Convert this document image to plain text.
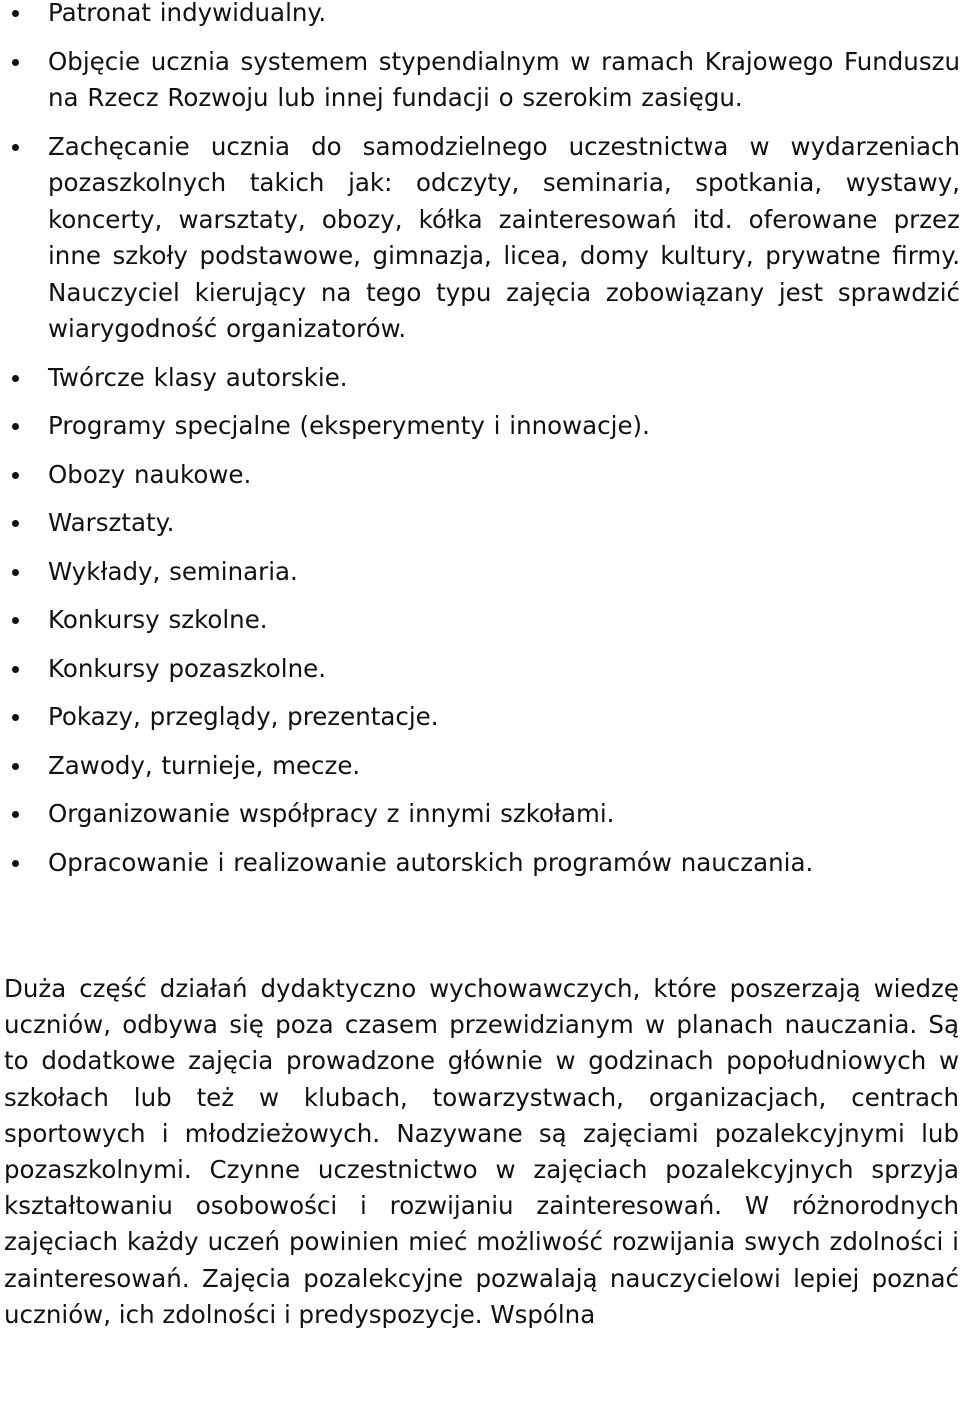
Patronat indywidualny.
Objęcie ucznia systemem stypendialnym w ramach Krajowego Funduszu na Rzecz Rozwoju lub innej fundacji o szerokim zasięgu.
Zachęcanie ucznia do samodzielnego uczestnictwa w wydarzeniach pozaszkolnych takich jak: odczyty, seminaria, spotkania, wystawy, koncerty, warsztaty, obozy, kółka zainteresowań itd. oferowane przez inne szkoły podstawowe, gimnazja, licea, domy kultury, prywatne firmy. Nauczyciel kierujący na tego typu zajęcia zobowiązany jest sprawdzić wiarygodność organizatorów.
Twórcze klasy autorskie.
Programy specjalne (eksperymenty i innowacje).
Obozy naukowe.
Warsztaty.
Wykłady, seminaria.
Konkursy szkolne.
Konkursy pozaszkolne.
Pokazy, przeglądy, prezentacje.
Zawody, turnieje, mecze.
Organizowanie współpracy z innymi szkołami.
Opracowanie i realizowanie autorskich programów nauczania.

Duża część działań dydaktyczno wychowawczych, które poszerzają wiedzę uczniów, odbywa się poza czasem przewidzianym w planach nauczania. Są to dodatkowe zajęcia prowadzone głównie w godzinach popołudniowych w szkołach lub też w klubach, towarzystwach, organizacjach, centrach sportowych i młodzieżowych. Nazywane są zajęciami pozalekcyjnymi lub pozaszkolnymi. Czynne uczestnictwo w zajęciach pozalekcyjnych sprzyja kształtowaniu osobowości i rozwijaniu zainteresowań. W różnorodnych zajęciach każdy uczeń powinien mieć możliwość rozwijania swych zdolności i zainteresowań. Zajęcia pozalekcyjne pozwalają nauczycielowi lepiej poznać uczniów, ich zdolności i predyspozycje. Wspólna
